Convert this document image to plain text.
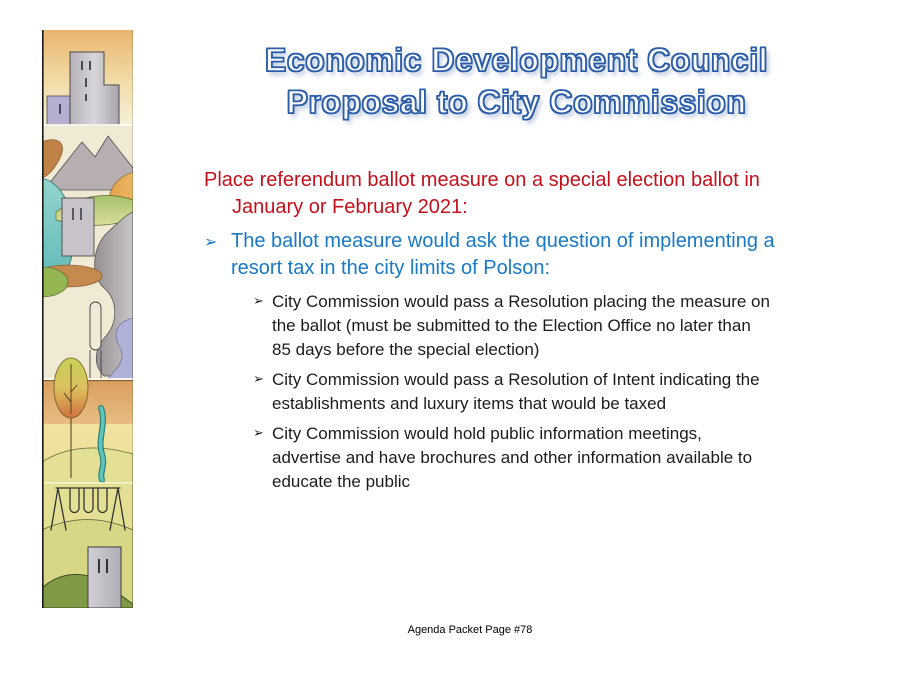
Economic Development Council
Proposal to City Commission
Place referendum ballot measure on a special election ballot in January or February 2021:
➢ The ballot measure would ask the question of implementing a resort tax in the city limits of Polson:
➢ City Commission would pass a Resolution placing the measure on the ballot (must be submitted to the Election Office no later than 85 days before the special election)
➢ City Commission would pass a Resolution of Intent indicating the establishments and luxury items that would be taxed
➢ City Commission would hold public information meetings, advertise and have brochures and other information available to educate the public
Agenda Packet Page #78
